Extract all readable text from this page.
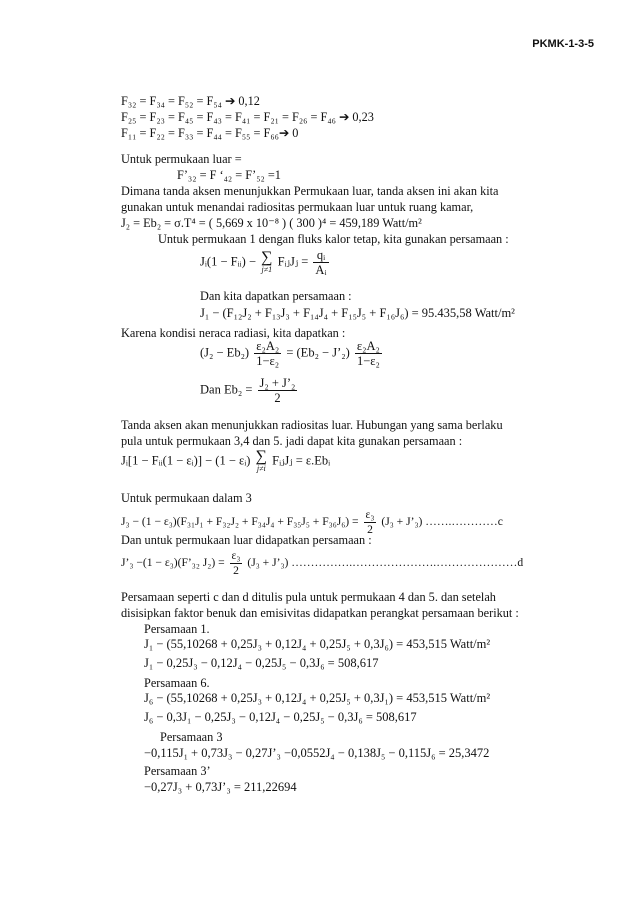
PKMK-1-3-5
F₃₂ = F₃₄ = F₅₂ = F₅₄ ➔ 0,12
F₂₅ = F₂₃ = F₄₅ = F₄₃ = F₄₁ = F₂₁ = F₂₆ = F₄₆ ➔ 0,23
F₁₁ = F₂₂ = F₃₃ = F₄₄ = F₅₅ = F₆₆➔ 0
Untuk permukaan luar =
F’₃₂ = F ‘₄₂ = F’₅₂ =1
Dimana tanda aksen menunjukkan Permukaan luar, tanda aksen ini akan kita
gunakan untuk menandai radiositas permukaan luar untuk ruang kamar,
J₂ = Eb₂ = σ.T⁴ = ( 5,669 x 10⁻⁸ ) ( 300 )⁴ = 459,189 Watt/m²
Untuk permukaan 1 dengan fluks kalor tetap, kita gunakan persamaan :
Jᵢ(1 − Fᵢᵢ) − ∑
j≠1
FᵢⱼJⱼ = $\frac{\text{qᵢ}}{\text{Aᵢ}}$
Dan kita dapatkan persamaan :
J₁ − (F₁₂J₂ + F₁₃J₃ + F₁₄J₄ + F₁₅J₅ + F₁₆J₆) = 95.435,58 Watt/m²
Karena kondisi neraca radiasi, kita dapatkan :
$(J_2 - Eb_2) \frac{\text{ε₂A₂}}{\text{1−ε₂}} = (Eb_2$ − J’₂) $\frac{\text{ε₂A₂}}{\text{1−ε₂}}$
Dan $Eb_2 = \frac{\text{J₂ + J’₂}}{2}$
Tanda aksen akan menunjukkan radiositas luar. Hubungan yang sama berlaku
pula untuk permukaan 3,4 dan 5. jadi dapat kita gunakan persamaan :
Jᵢ[1 − Fᵢᵢ(1 − εᵢ)] − (1 − εᵢ) ∑
j≠i
FᵢⱼJⱼ = ε.Ebᵢ
Untuk permukaan dalam 3
$J_3 - (1 - \varepsilon_3)(F_{31}J_1 + F_{32}J_2 + F_{34}J_4 + F_{35}J_5 + F_{36}J_6) = \frac{\text{ε₃}}{2} (J_3$ + J’₃) …….…………c
Dan untuk permukaan luar didapatkan persamaan :
J’₃ −(1 − ε₃)(F’₃₂ $J_2) = \frac{\text{ε₃}}{2} (J_3$ + J’₃) …………….………………….…………………d
Persamaan seperti c dan d ditulis pula untuk permukaan 4 dan 5. dan setelah
disisipkan faktor benuk dan emisivitas didapatkan perangkat persamaan berikut :
Persamaan 1.
J₁ − (55,10268 + 0,25J₃ + 0,12J₄ + 0,25J₅ + 0,3J₆) = 453,515 Watt/m²
J₁ − 0,25J₃ − 0,12J₄ − 0,25J₅ − 0,3J₆ = 508,617
Persamaan 6.
J₆ − (55,10268 + 0,25J₃ + 0,12J₄ + 0,25J₅ + 0,3J₁) = 453,515 Watt/m²
J₆ − 0,3J₁ − 0,25J₃ − 0,12J₄ − 0,25J₅ − 0,3J₆ = 508,617
Persamaan 3
−0,115J₁ + 0,73J₃ − 0,27J’₃ −0,0552J₄ − 0,138J₅ − 0,115J₆ = 25,3472
Persamaan 3’
−0,27J₃ + 0,73J’₃ = 211,22694
